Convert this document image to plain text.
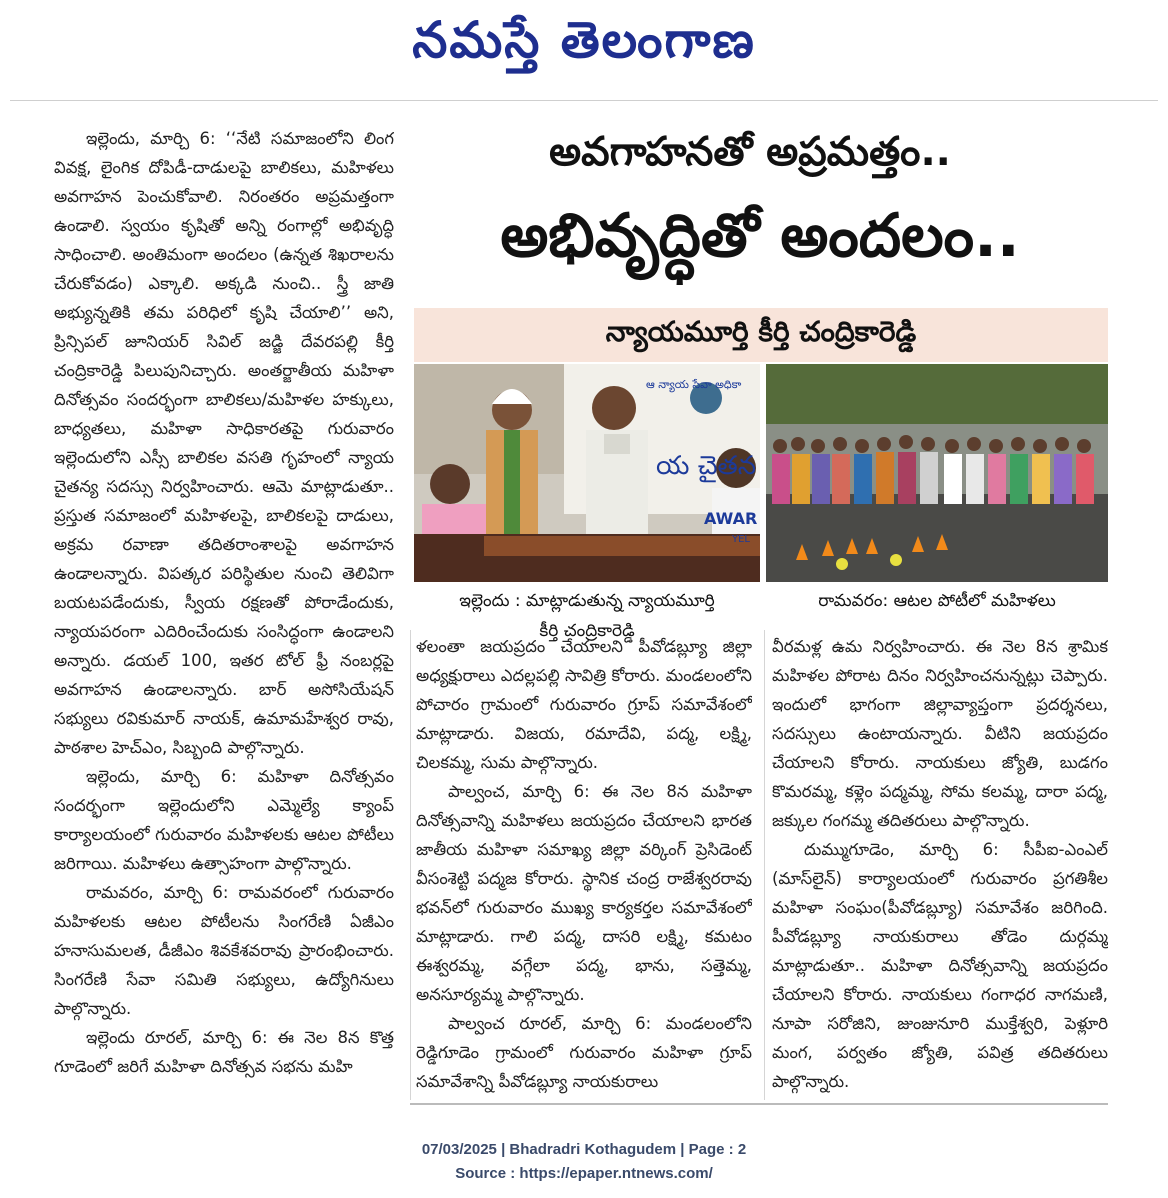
నమస్తే తెలంగాణ

ఇల్లెందు, మార్చి 6: ‘‘నేటి సమాజంలోని లింగ వివక్ష, లైంగిక దోపిడీ-దాడులపై బాలికలు, మహిళలు అవగాహన పెంచుకోవాలి. నిరంతరం అప్రమత్తంగా ఉండాలి. స్వయం కృషితో అన్ని రంగాల్లో అభివృద్ధి సాధించాలి. అంతిమంగా అందలం (ఉన్నత శిఖరాలను చేరుకోవడం) ఎక్కాలి. అక్కడి నుంచి.. స్త్రీ జాతి అభ్యున్నతికి తమ పరిధిలో కృషి చేయాలి’’ అని, ప్రిన్సిపల్ జూనియర్ సివిల్ జడ్జి దేవరపల్లి కీర్తి చంద్రికారెడ్డి పిలుపునిచ్చారు. అంతర్జాతీయ మహిళా దినోత్సవం సందర్భంగా బాలికలు/మహిళల హక్కులు, బాధ్యతలు, మహిళా సాధికారతపై గురువారం ఇల్లెందులోని ఎస్సీ బాలికల వసతి గృహంలో న్యాయ చైతన్య సదస్సు నిర్వహించారు. ఆమె మాట్లాడుతూ.. ప్రస్తుత సమాజంలో మహిళలపై, బాలికలపై దాడులు, అక్రమ రవాణా తదితరాంశాలపై అవగాహన ఉండాలన్నారు. విపత్కర పరిస్థితుల నుంచి తెలివిగా బయటపడేందుకు, స్వీయ రక్షణతో పోరాడేందుకు, న్యాయపరంగా ఎదిరించేందుకు సంసిద్ధంగా ఉండాలని అన్నారు. డయల్ 100, ఇతర టోల్ ఫ్రీ నంబర్లపై అవగాహన ఉండాలన్నారు. బార్ అసోసియేషన్ సభ్యులు రవికుమార్ నాయక్, ఉమామహేశ్వర రావు, పాఠశాల హెచ్ఎం, సిబ్బంది పాల్గొన్నారు.

ఇల్లెందు, మార్చి 6: మహిళా దినోత్సవం సందర్భంగా ఇల్లెందులోని ఎమ్మెల్యే క్యాంప్ కార్యాలయంలో గురువారం మహిళలకు ఆటల పోటీలు జరిగాయి. మహిళలు ఉత్సాహంగా పాల్గొన్నారు.

రామవరం, మార్చి 6: రామవరంలో గురువారం మహిళలకు ఆటల పోటీలను సింగరేణి ఏజీఎం హనాసుమలత, డీజీఎం శివకేశవరావు ప్రారంభించారు. సింగరేణి సేవా సమితి సభ్యులు, ఉద్యోగినులు పాల్గొన్నారు.

ఇల్లెందు రూరల్, మార్చి 6: ఈ నెల 8న కొత్త గూడెంలో జరిగే మహిళా దినోత్సవ సభను మహి

అవగాహనతో అప్రమత్తం..
అభివృద్ధితో అందలం..
న్యాయమూర్తి కీర్తి చంద్రికారెడ్డి
ఆ న్యాయ సేవా అధికా
య చైతన
AWAR
YEL
ఇల్లెందు : మాట్లాడుతున్న న్యాయమూర్తి
కీర్తి చంద్రికారెడ్డి
రామవరం: ఆటల పోటీలో మహిళలు

ళలంతా జయప్రదం చేయాలని పీవోడబ్ల్యూ జిల్లా అధ్యక్షురాలు ఎదల్లపల్లి సావిత్రి కోరారు. మండలంలోని పోచారం గ్రామంలో గురువారం గ్రూప్ సమావేశంలో మాట్లాడారు. విజయ, రమాదేవి, పద్మ, లక్ష్మి, చిలకమ్మ, సుమ పాల్గొన్నారు.

పాల్వంచ, మార్చి 6: ఈ నెల 8న మహిళా దినోత్సవాన్ని మహిళలు జయప్రదం చేయాలని భారత జాతీయ మహిళా సమాఖ్య జిల్లా వర్కింగ్ ప్రెసిడెంట్ వీసంశెట్టి పద్మజ కోరారు. స్థానిక చంద్ర రాజేశ్వరరావు భవన్‌లో గురువారం ముఖ్య కార్యకర్తల సమావేశంలో మాట్లాడారు. గాలి పద్మ, దాసరి లక్ష్మి, కమటం ఈశ్వరమ్మ, వగ్గేలా పద్మ, భాను, సత్తెమ్మ, అనసూర్యమ్మ పాల్గొన్నారు.

పాల్వంచ రూరల్, మార్చి 6: మండలంలోని రెడ్డిగూడెం గ్రామంలో గురువారం మహిళా గ్రూప్ సమావేశాన్ని పీవోడబ్ల్యూ నాయకురాలు

వీరమళ్ల ఉమ నిర్వహించారు. ఈ నెల 8న శ్రామిక మహిళల పోరాట దినం నిర్వహించనున్నట్లు చెప్పారు. ఇందులో భాగంగా జిల్లావ్యాప్తంగా ప్రదర్శనలు, సదస్సులు ఉంటాయన్నారు. వీటిని జయప్రదం చేయాలని కోరారు. నాయకులు జ్యోతి, బుడగం కొమరమ్మ, కళ్లెం పద్మమ్మ, సోమ కలమ్మ, దారా పద్మ, జక్కుల గంగమ్మ తదితరులు పాల్గొన్నారు.

దుమ్ముగూడెం, మార్చి 6: సీపీఐ-ఎంఎల్ (మాస్‌లైన్) కార్యాలయంలో గురువారం ప్రగతిశీల మహిళా సంఘం(పీవోడబ్ల్యూ) సమావేశం జరిగింది. పీవోడబ్ల్యూ నాయకురాలు తోడెం దుర్గమ్మ మాట్లాడుతూ.. మహిళా దినోత్సవాన్ని జయప్రదం చేయాలని కోరారు. నాయకులు గంగాధర నాగమణి, నూపా సరోజిని, జుంజునూరి ముక్తేశ్వరి, పెళ్లూరి మంగ, పర్వతం జ్యోతి, పవిత్ర తదితరులు పాల్గొన్నారు.

07/03/2025 | Bhadradri Kothagudem | Page : 2
Source : https://epaper.ntnews.com/
